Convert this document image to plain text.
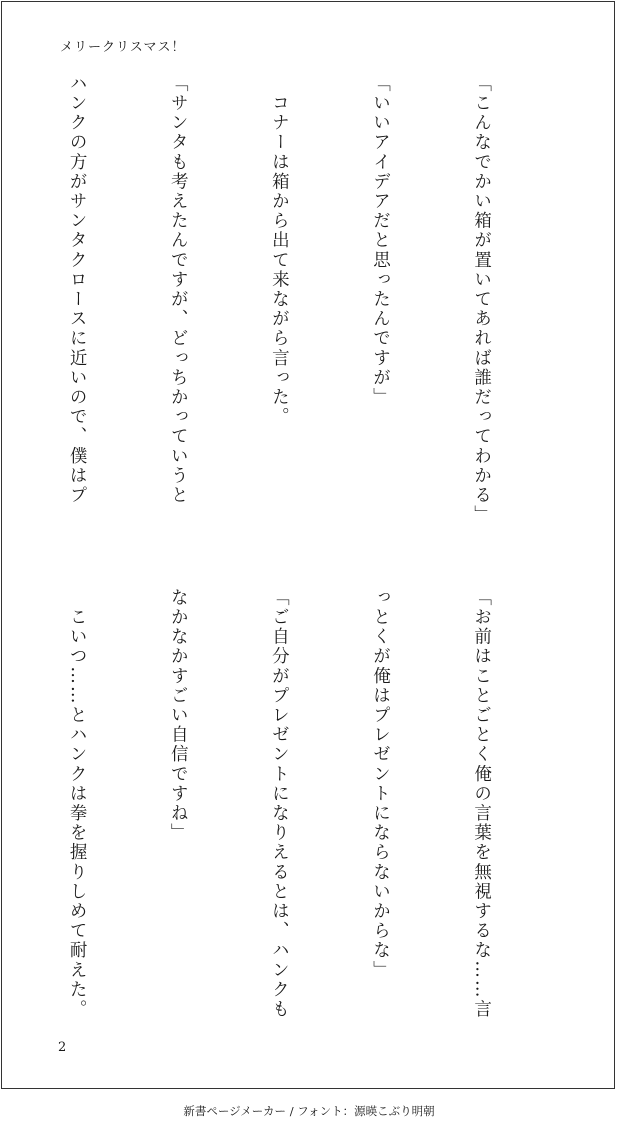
メリークリスマス！

「こんなでかい箱が置いてあれば誰だってわかる」

「いいアイデアだと思ったんですが」

　コナーは箱から出て来ながら言った。

「サンタも考えたんですが、どっちかっていうと

ハンクの方がサンタクロースに近いので、僕はプ

「お前はことごとく俺の言葉を無視するな……言

っとくが俺はプレゼントにならないからな」

「ご自分がプレゼントになりえるとは、ハンクも

なかなかすごい自信ですね」

　こいつ……とハンクは拳を握りしめて耐えた。

2
新書ページメーカー / フォント：源暎こぶり明朝
